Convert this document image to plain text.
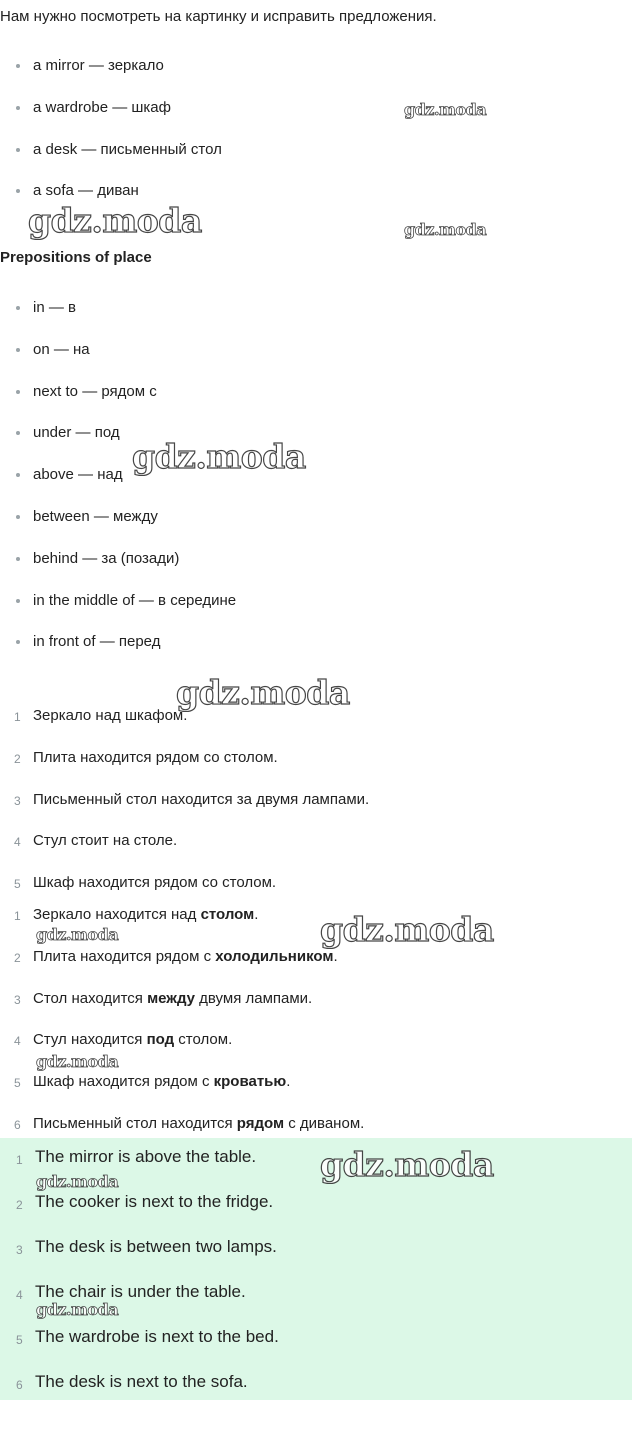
Нам нужно посмотреть на картинку и исправить предложения.
a mirror — зеркало
a wardrobe — шкаф
a desk — письменный стол
a sofa — диван
Prepositions of place
in — в
on — на
next to — рядом с
under — под
above — над
between — между
behind — за (позади)
in the middle of — в середине
in front of — перед
1 Зеркало над шкафом.
2 Плита находится рядом со столом.
3 Письменный стол находится за двумя лампами.
4 Стул стоит на столе.
5 Шкаф находится рядом со столом.
1 Зеркало находится над столом.
2 Плита находится рядом с холодильником.
3 Стол находится между двумя лампами.
4 Стул находится под столом.
5 Шкаф находится рядом с кроватью.
6 Письменный стол находится рядом с диваном.
1 The mirror is above the table.
2 The cooker is next to the fridge.
3 The desk is between two lamps.
4 The chair is under the table.
5 The wardrobe is next to the bed.
6 The desk is next to the sofa.
gdz.moda
gdz.moda	gdz.moda
gdz.moda
gdz.moda
gdz.moda
gdz.moda
gdz.moda
gdz.moda
gdz.moda
gdz.moda
